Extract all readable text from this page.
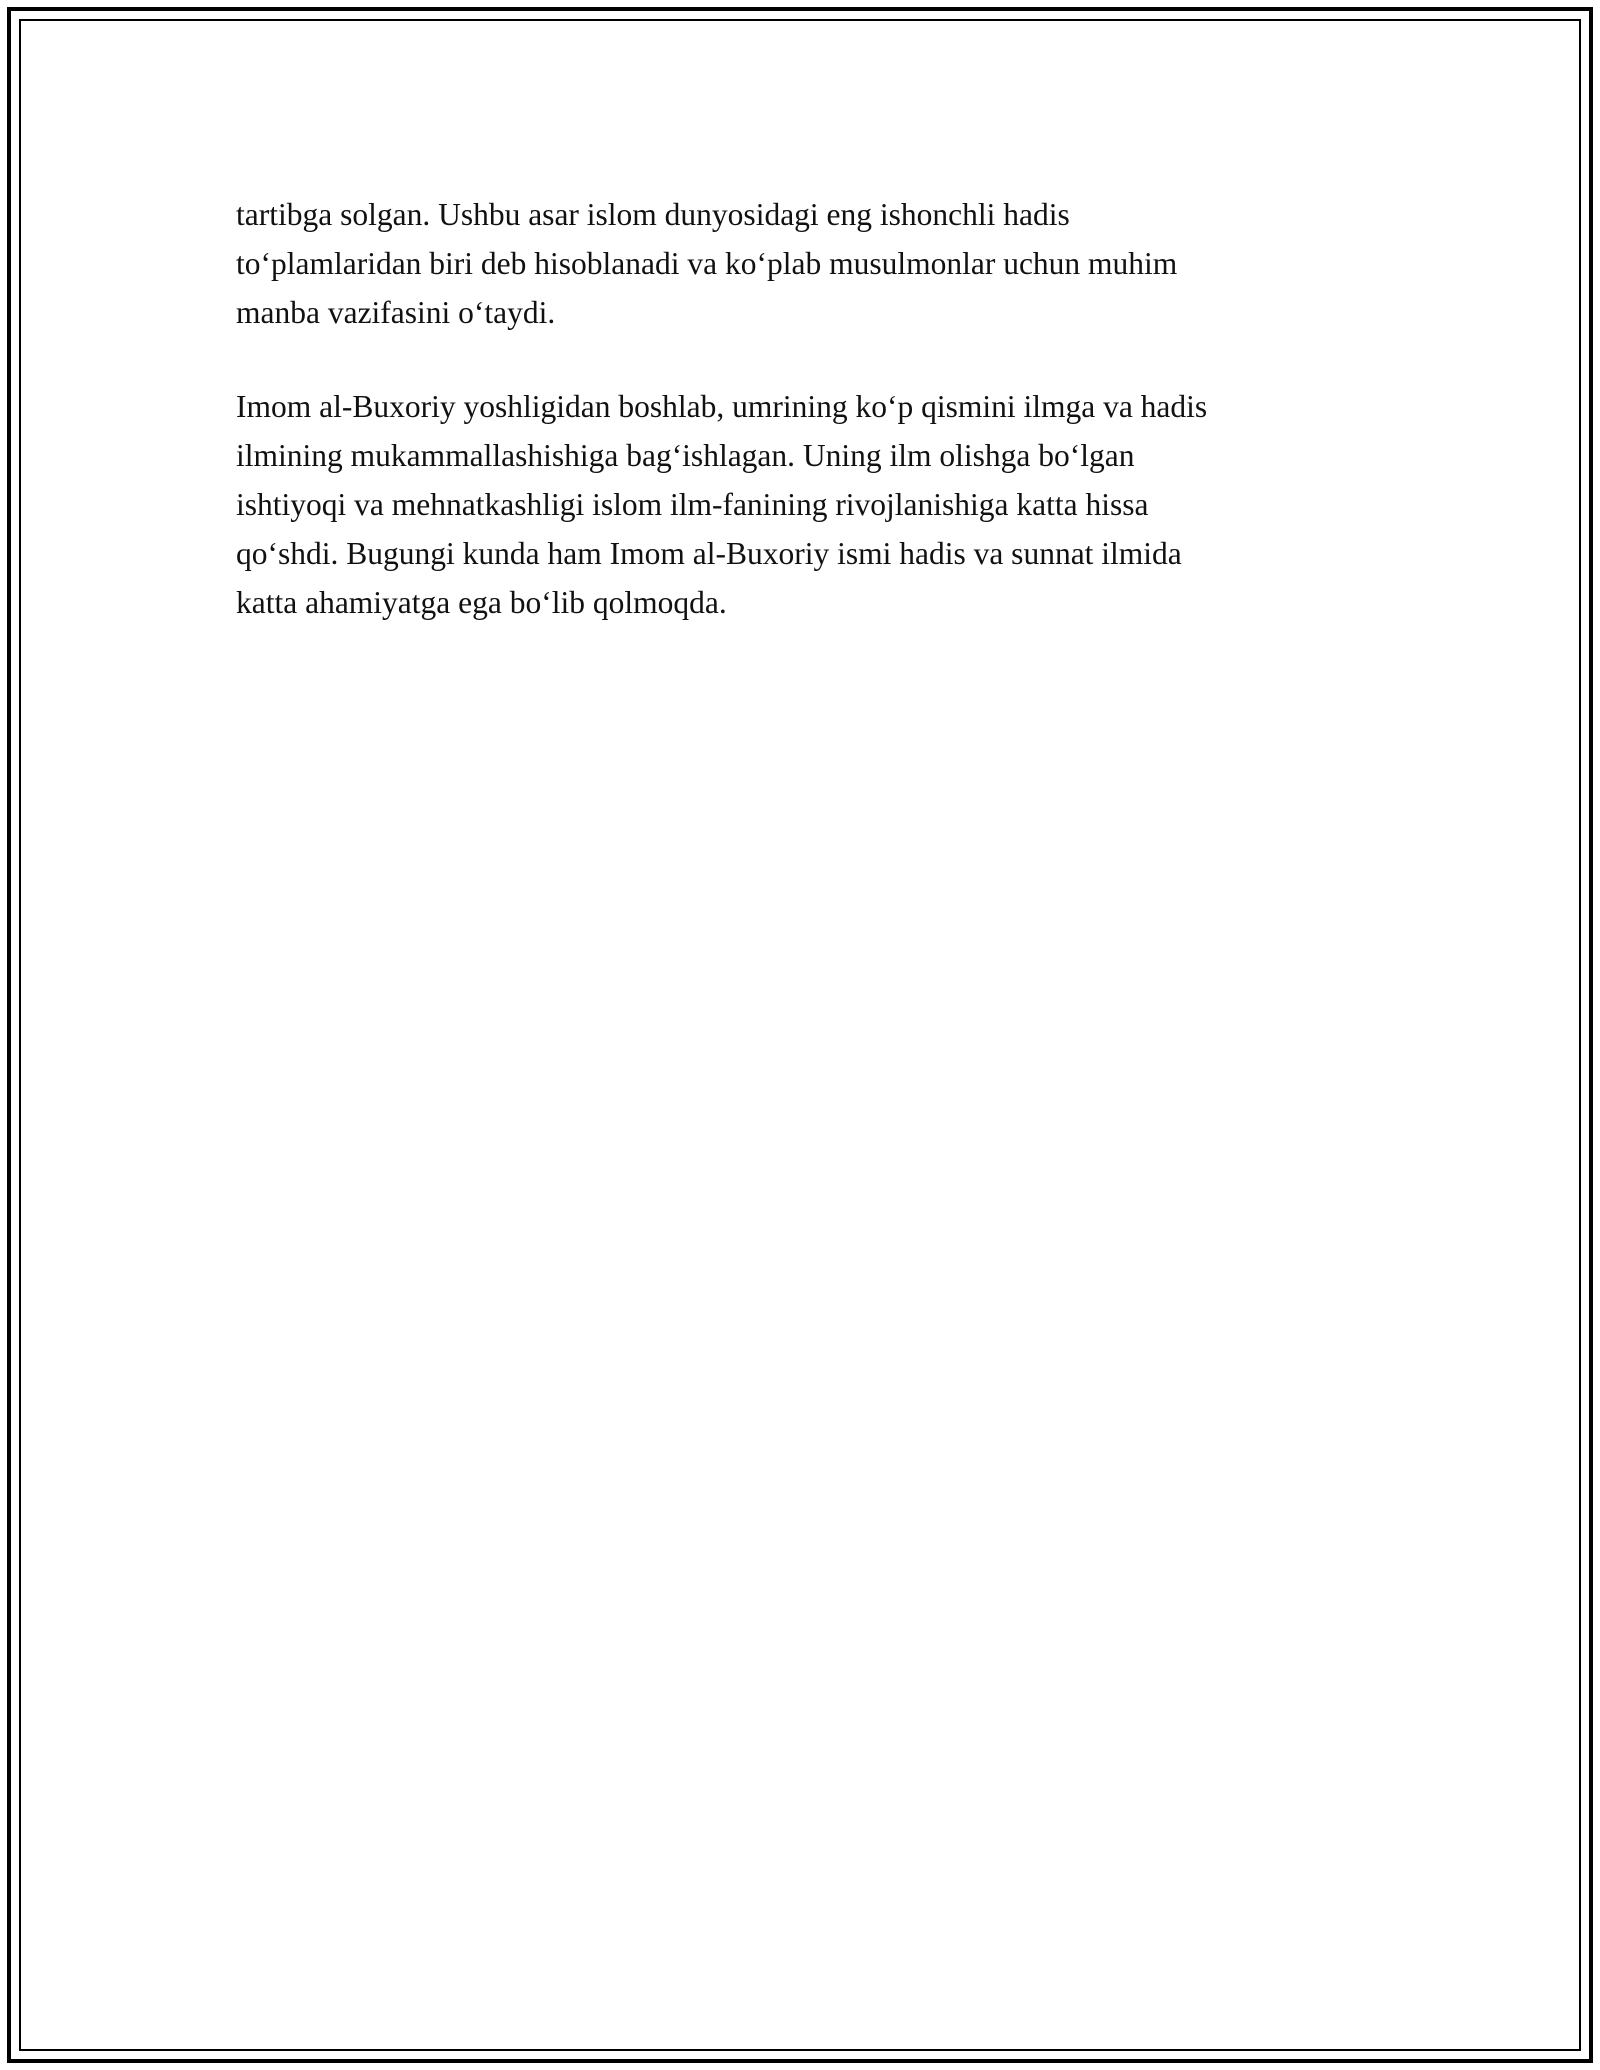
tartibga solgan. Ushbu asar islom dunyosidagi eng ishonchli hadis
to‘plamlaridan biri deb hisoblanadi va ko‘plab musulmonlar uchun muhim
manba vazifasini o‘taydi.

Imom al-Buxoriy yoshligidan boshlab, umrining ko‘p qismini ilmga va hadis
ilmining mukammallashishiga bag‘ishlagan. Uning ilm olishga bo‘lgan
ishtiyoqi va mehnatkashligi islom ilm-fanining rivojlanishiga katta hissa
qo‘shdi. Bugungi kunda ham Imom al-Buxoriy ismi hadis va sunnat ilmida
katta ahamiyatga ega bo‘lib qolmoqda.
